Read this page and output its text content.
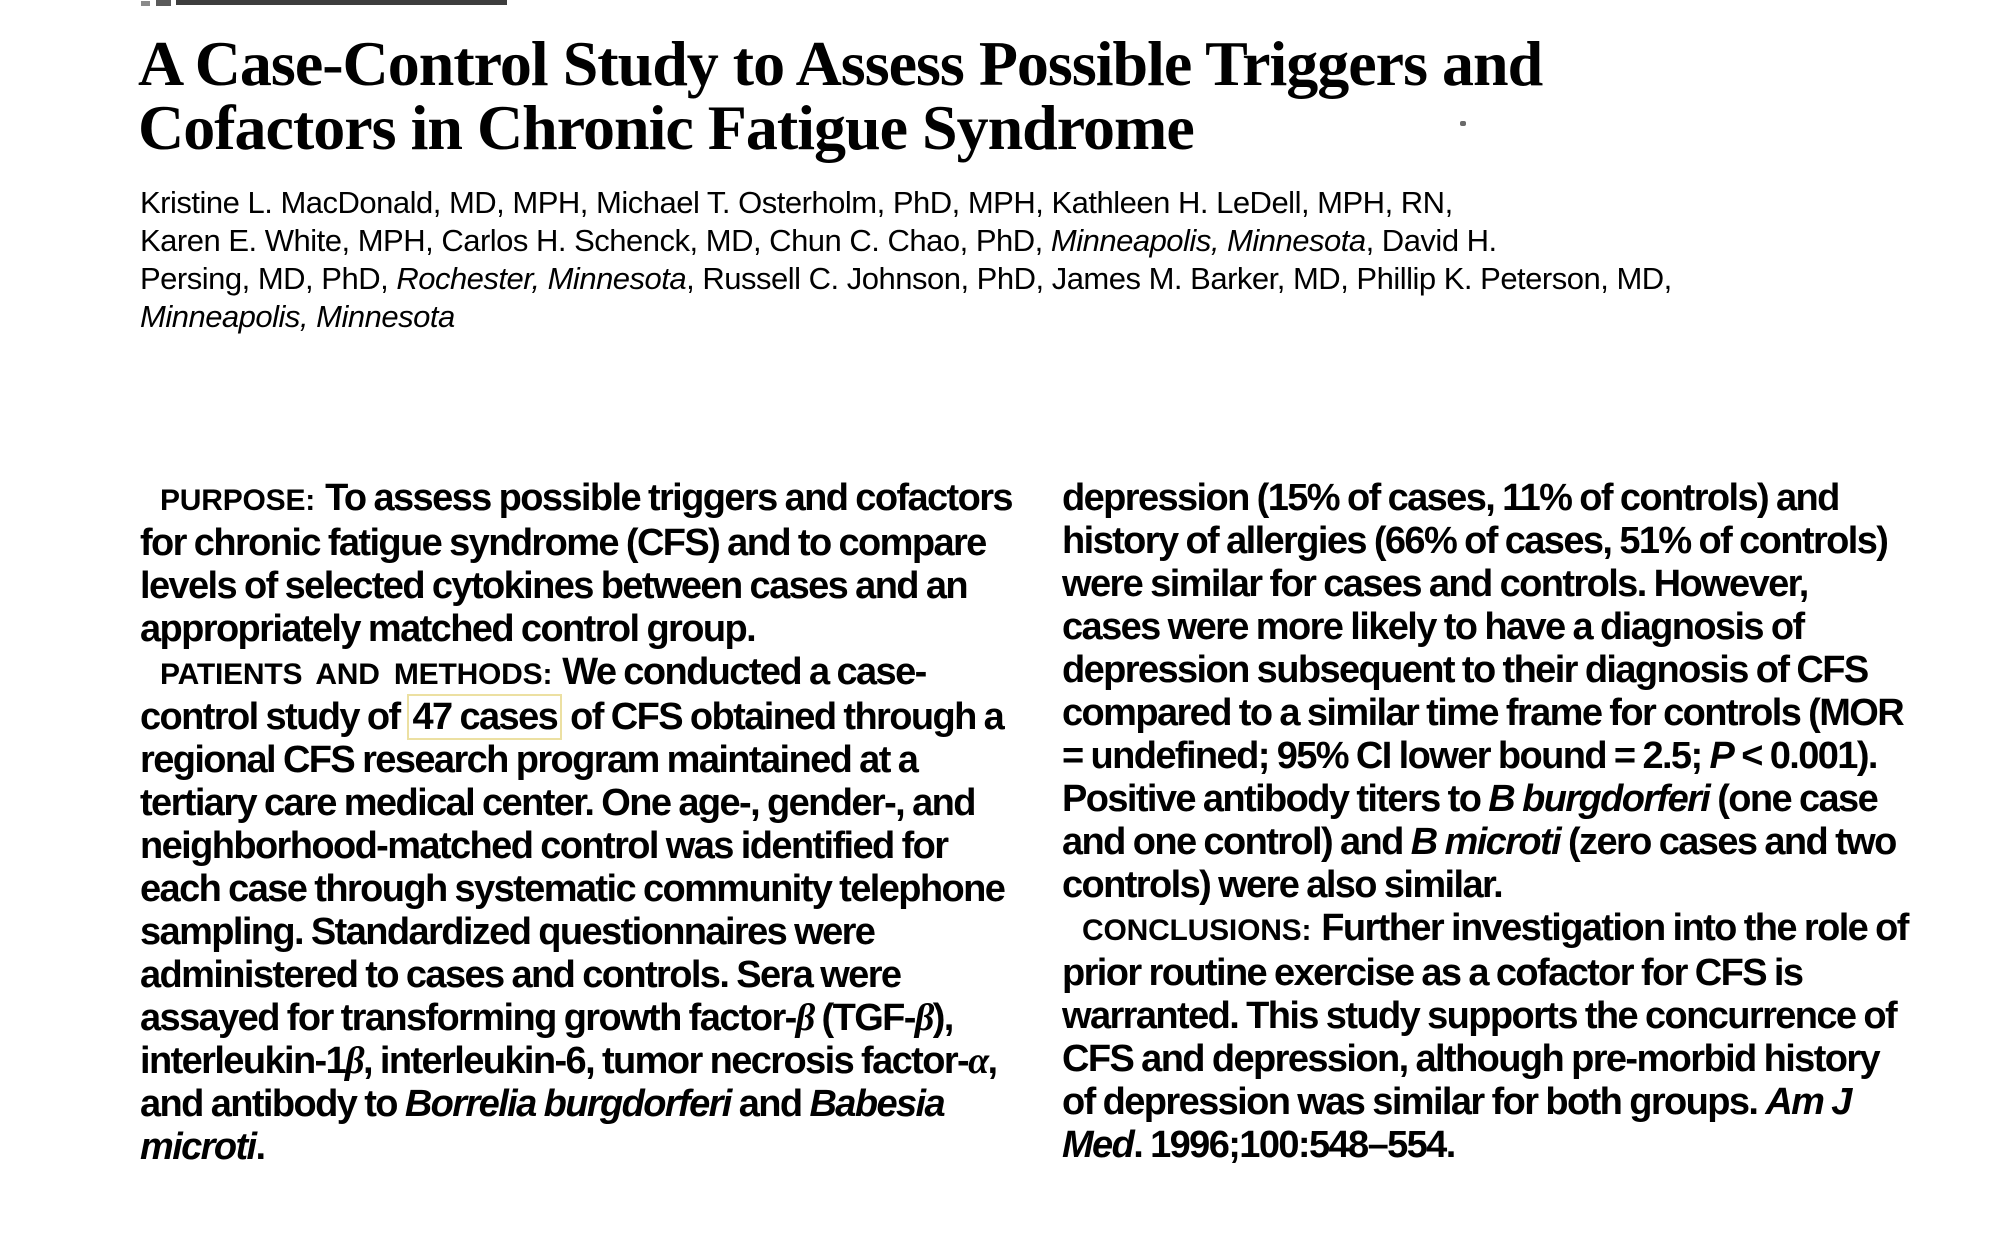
A Case-Control Study to Assess Possible Triggers and
Cofactors in Chronic Fatigue Syndrome
Kristine L. MacDonald, MD, MPH, Michael T. Osterholm, PhD, MPH, Kathleen H. LeDell, MPH, RN,
Karen E. White, MPH, Carlos H. Schenck, MD, Chun C. Chao, PhD, Minneapolis, Minnesota, David H.
Persing, MD, PhD, Rochester, Minnesota, Russell C. Johnson, PhD, James M. Barker, MD, Phillip K. Peterson, MD,
Minneapolis, Minnesota

PURPOSE: To assess possible triggers and cofactors for chronic fatigue syndrome (CFS) and to compare levels of selected cytokines between cases and an appropriately matched control group.

PATIENTS AND METHODS: We conducted a case-control study of 47 cases of CFS obtained through a regional CFS research program maintained at a tertiary care medical center. One age-, gender-, and neighborhood-matched control was identified for each case through systematic community telephone sampling. Standardized questionnaires were administered to cases and controls. Sera were assayed for transforming growth factor-β (TGF-β), interleukin-1β, interleukin-6, tumor necrosis factor-α, and antibody to Borrelia burgdorferi and Babesia microti.

depression (15% of cases, 11% of controls) and history of allergies (66% of cases, 51% of controls) were similar for cases and controls. However, cases were more likely to have a diagnosis of depression subsequent to their diagnosis of CFS compared to a similar time frame for controls (MOR = undefined; 95% CI lower bound = 2.5; P < 0.001). Positive antibody titers to B burgdorferi (one case and one control) and B microti (zero cases and two controls) were also similar.

CONCLUSIONS: Further investigation into the role of prior routine exercise as a cofactor for CFS is warranted. This study supports the concurrence of CFS and depression, although pre-morbid history of depression was similar for both groups. Am J Med. 1996;100:548–554.
